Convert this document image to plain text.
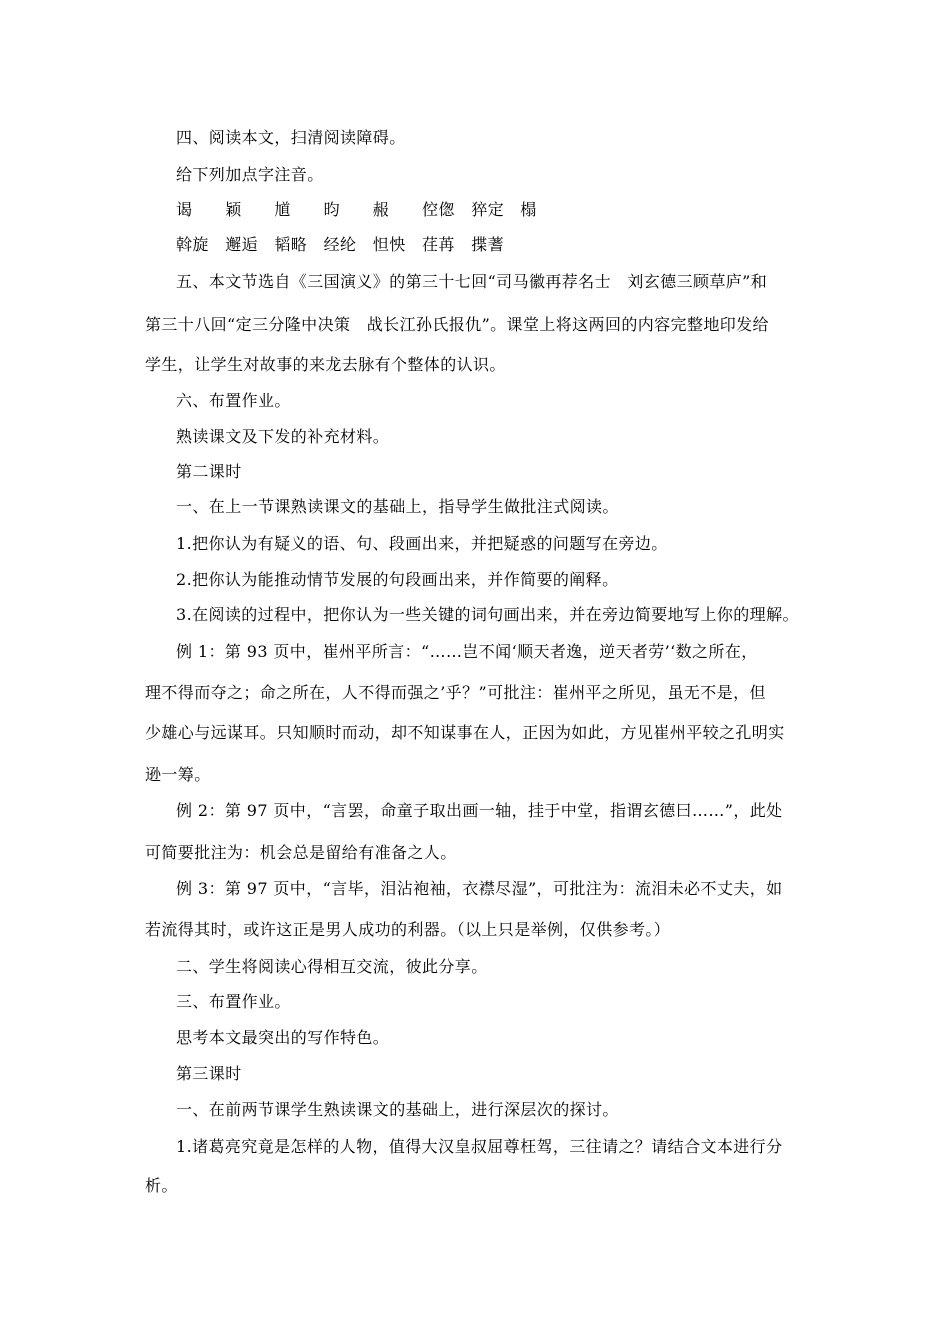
四、阅读本文，扫清阅读障碍。
给下列加点字注音。
谒　　颖　　馗　　昀　　赧　　倥偬　猝定　榻
斡旋　邂逅　韬略　经纶　怛怏　荏苒　揲蓍
五、本文节选自《三国演义》的第三十七回“司马徽再荐名士　刘玄德三顾草庐”和
第三十八回“定三分隆中决策　战长江孙氏报仇”。课堂上将这两回的内容完整地印发给
学生，让学生对故事的来龙去脉有个整体的认识。
六、布置作业。
熟读课文及下发的补充材料。
第二课时
一、在上一节课熟读课文的基础上，指导学生做批注式阅读。
1.把你认为有疑义的语、句、段画出来，并把疑惑的问题写在旁边。
2.把你认为能推动情节发展的句段画出来，并作简要的阐释。
3.在阅读的过程中，把你认为一些关键的词句画出来，并在旁边简要地写上你的理解。
例 1：第 93 页中，崔州平所言：“……岂不闻‘顺天者逸，逆天者劳’‘数之所在，
理不得而夺之；命之所在，人不得而强之’乎？”可批注：崔州平之所见，虽无不是，但
少雄心与远谋耳。只知顺时而动，却不知谋事在人，正因为如此，方见崔州平较之孔明实
逊一筹。
例 2：第 97 页中，“言罢，命童子取出画一轴，挂于中堂，指谓玄德曰……”，此处
可简要批注为：机会总是留给有准备之人。
例 3：第 97 页中，“言毕，泪沾袍袖，衣襟尽湿”，可批注为：流泪未必不丈夫，如
若流得其时，或许这正是男人成功的利器。（以上只是举例，仅供参考。）
二、学生将阅读心得相互交流，彼此分享。
三、布置作业。
思考本文最突出的写作特色。
第三课时
一、在前两节课学生熟读课文的基础上，进行深层次的探讨。
1.诸葛亮究竟是怎样的人物，值得大汉皇叔屈尊枉驾，三往请之？请结合文本进行分
析。
